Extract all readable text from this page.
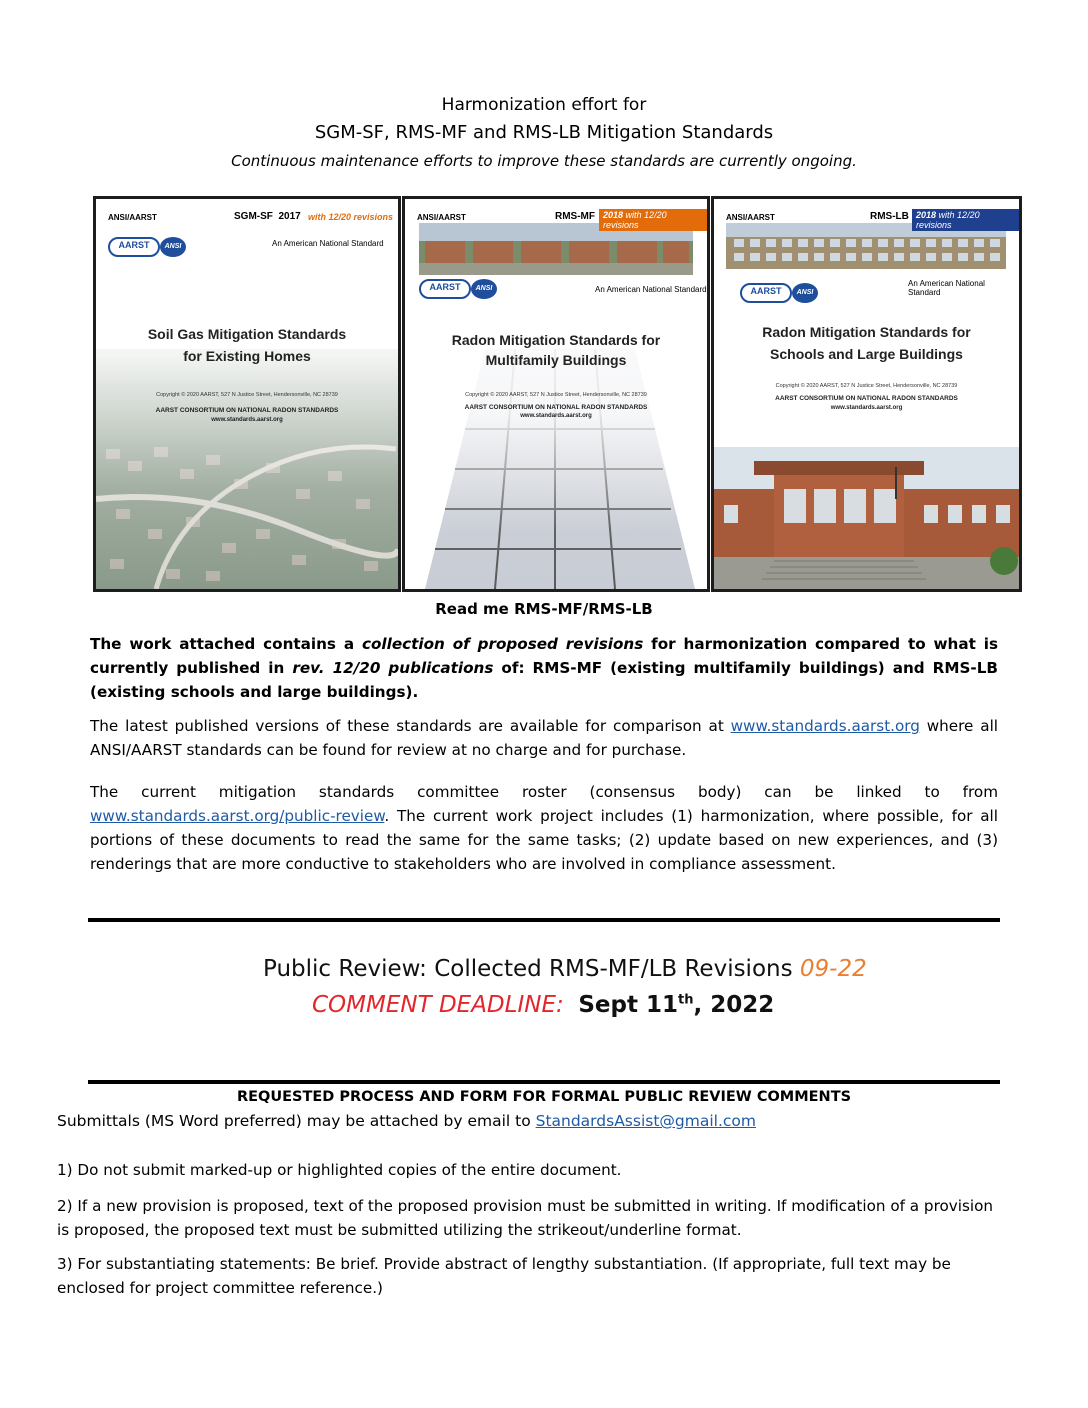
Harmonization effort for
SGM-SF, RMS-MF and RMS-LB Mitigation Standards
Continuous maintenance efforts to improve these standards are currently ongoing.
ANSI/AARST	SGM-SF 2017 with 12/20 revisions
AARST	ANSI	An American National Standard
Soil Gas Mitigation Standards
for Existing Homes
Copyright © 2020 AARST, 527 N Justice Street, Hendersonville, NC 28739
AARST CONSORTIUM ON NATIONAL RADON STANDARDS
www.standards.aarst.org
ANSI/AARST	RMS-MF 2018 with 12/20 revisions
AARST	ANSI	An American National Standard
Radon Mitigation Standards for
Multifamily Buildings
Copyright © 2020 AARST, 527 N Justice Street, Hendersonville, NC 28739
AARST CONSORTIUM ON NATIONAL RADON STANDARDS
www.standards.aarst.org
ANSI/AARST	RMS-LB 2018 with 12/20 revisions
AARST	ANSI
An American National Standard
Radon Mitigation Standards for
Schools and Large Buildings
Copyright © 2020 AARST, 527 N Justice Street, Hendersonville, NC 28739
AARST CONSORTIUM ON NATIONAL RADON STANDARDS
www.standards.aarst.org
Read me RMS-MF/RMS-LB
The work attached contains a collection of proposed revisions for harmonization compared to what is currently published in rev. 12/20 publications of: RMS-MF (existing multifamily buildings) and RMS-LB (existing schools and large buildings).
The latest published versions of these standards are available for comparison at www.standards.aarst.org where all ANSI/AARST standards can be found for review at no charge and for purchase.
The current mitigation standards committee roster (consensus body) can be linked to from www.standards.aarst.org/public-review. The current work project includes (1) harmonization, where possible, for all portions of these documents to read the same for the same tasks; (2) update based on new experiences, and (3) renderings that are more conductive to stakeholders who are involved in compliance assessment.
Public Review: Collected RMS-MF/LB Revisions 09-22
COMMENT DEADLINE: Sept 11th, 2022
REQUESTED PROCESS AND FORM FOR FORMAL PUBLIC REVIEW COMMENTS
Submittals (MS Word preferred) may be attached by email to StandardsAssist@gmail.com
1) Do not submit marked-up or highlighted copies of the entire document.
2) If a new provision is proposed, text of the proposed provision must be submitted in writing. If modification of a provision is proposed, the proposed text must be submitted utilizing the strikeout/underline format.
3) For substantiating statements: Be brief. Provide abstract of lengthy substantiation. (If appropriate, full text may be enclosed for project committee reference.)
